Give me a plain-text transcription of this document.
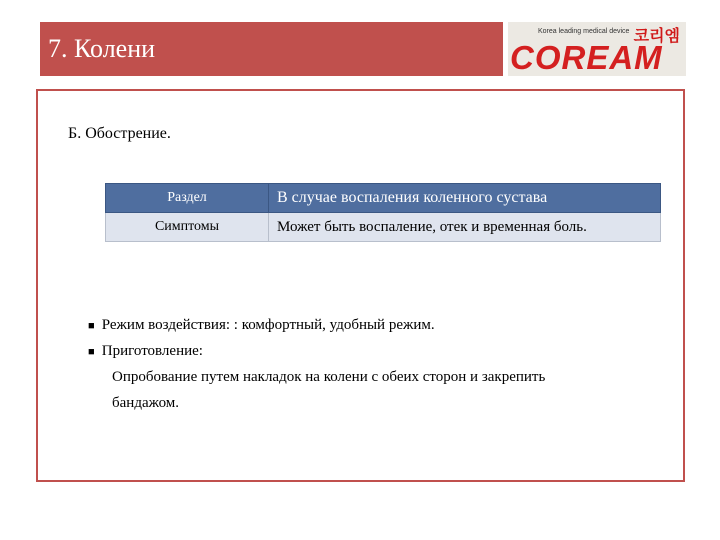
7. Колени
Korea leading medical device 코리엠
COREAM
Б. Обострение.
Раздел	В случае воспаления коленного сустава
Симптомы	Может быть воспаление, отек и временная боль.
■ Режим воздействия: : комфортный, удобный режим.
■ Приготовление:
Опробование путем накладок на колени с обеих сторон и закрепить
бандажом.
